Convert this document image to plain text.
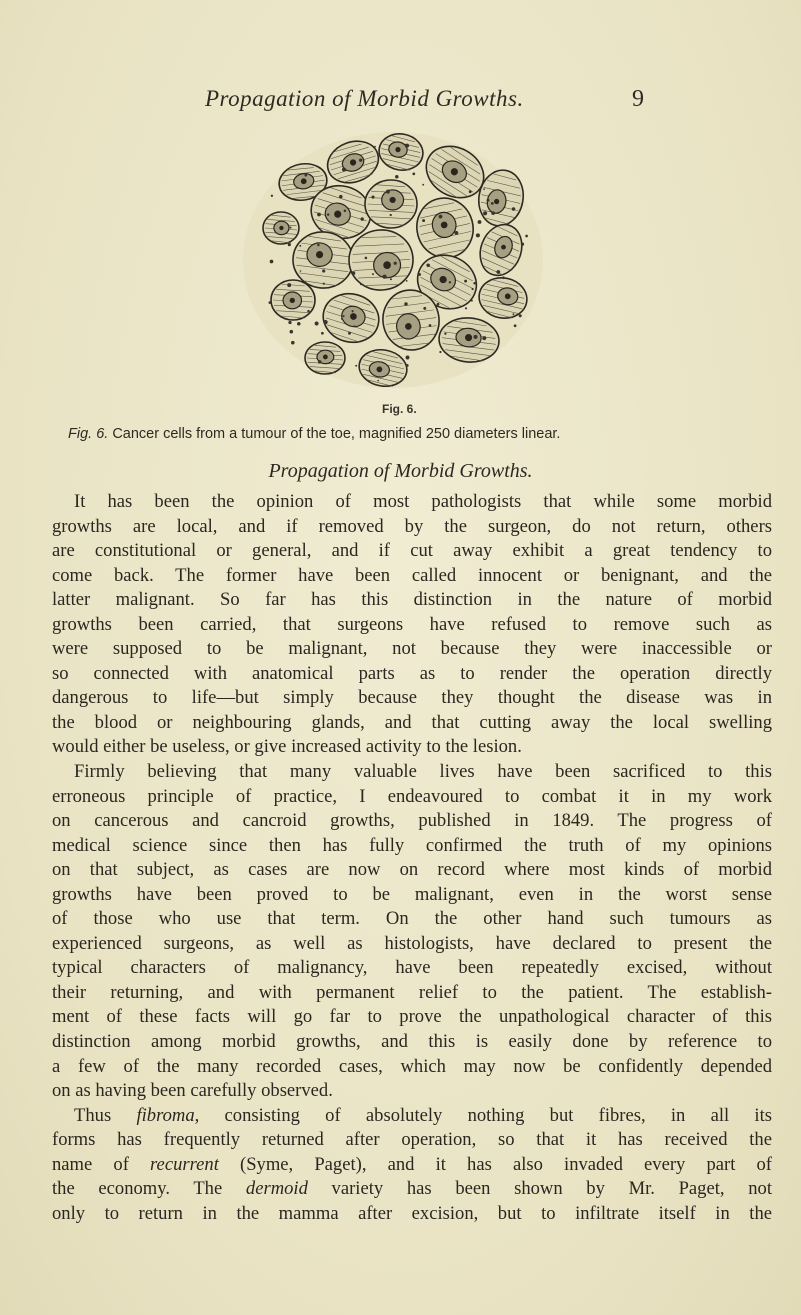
Propagation of Morbid Growths.	9
Fig. 6.
Fig. 6. Cancer cells from a tumour of the toe, magnified 250 diameters linear.
Propagation of Morbid Growths.
It has been the opinion of most pathologists that while some morbid
growths are local, and if removed by the surgeon, do not return, others
are constitutional or general, and if cut away exhibit a great tendency to
come back. The former have been called innocent or benignant, and the
latter malignant. So far has this distinction in the nature of morbid
growths been carried, that surgeons have refused to remove such as
were supposed to be malignant, not because they were inaccessible or
so connected with anatomical parts as to render the operation directly
dangerous to life—but simply because they thought the disease was in
the blood or neighbouring glands, and that cutting away the local swelling
would either be useless, or give increased activity to the lesion.
Firmly believing that many valuable lives have been sacrificed to this
erroneous principle of practice, I endeavoured to combat it in my work
on cancerous and cancroid growths, published in 1849. The progress of
medical science since then has fully confirmed the truth of my opinions
on that subject, as cases are now on record where most kinds of morbid
growths have been proved to be malignant, even in the worst sense
of those who use that term. On the other hand such tumours as
experienced surgeons, as well as histologists, have declared to present the
typical characters of malignancy, have been repeatedly excised, without
their returning, and with permanent relief to the patient. The establish-
ment of these facts will go far to prove the unpathological character of this
distinction among morbid growths, and this is easily done by reference to
a few of the many recorded cases, which may now be confidently depended
on as having been carefully observed.
Thus fibroma, consisting of absolutely nothing but fibres, in all its
forms has frequently returned after operation, so that it has received the
name of recurrent (Syme, Paget), and it has also invaded every part of
the economy. The dermoid variety has been shown by Mr. Paget, not
only to return in the mamma after excision, but to infiltrate itself in the
